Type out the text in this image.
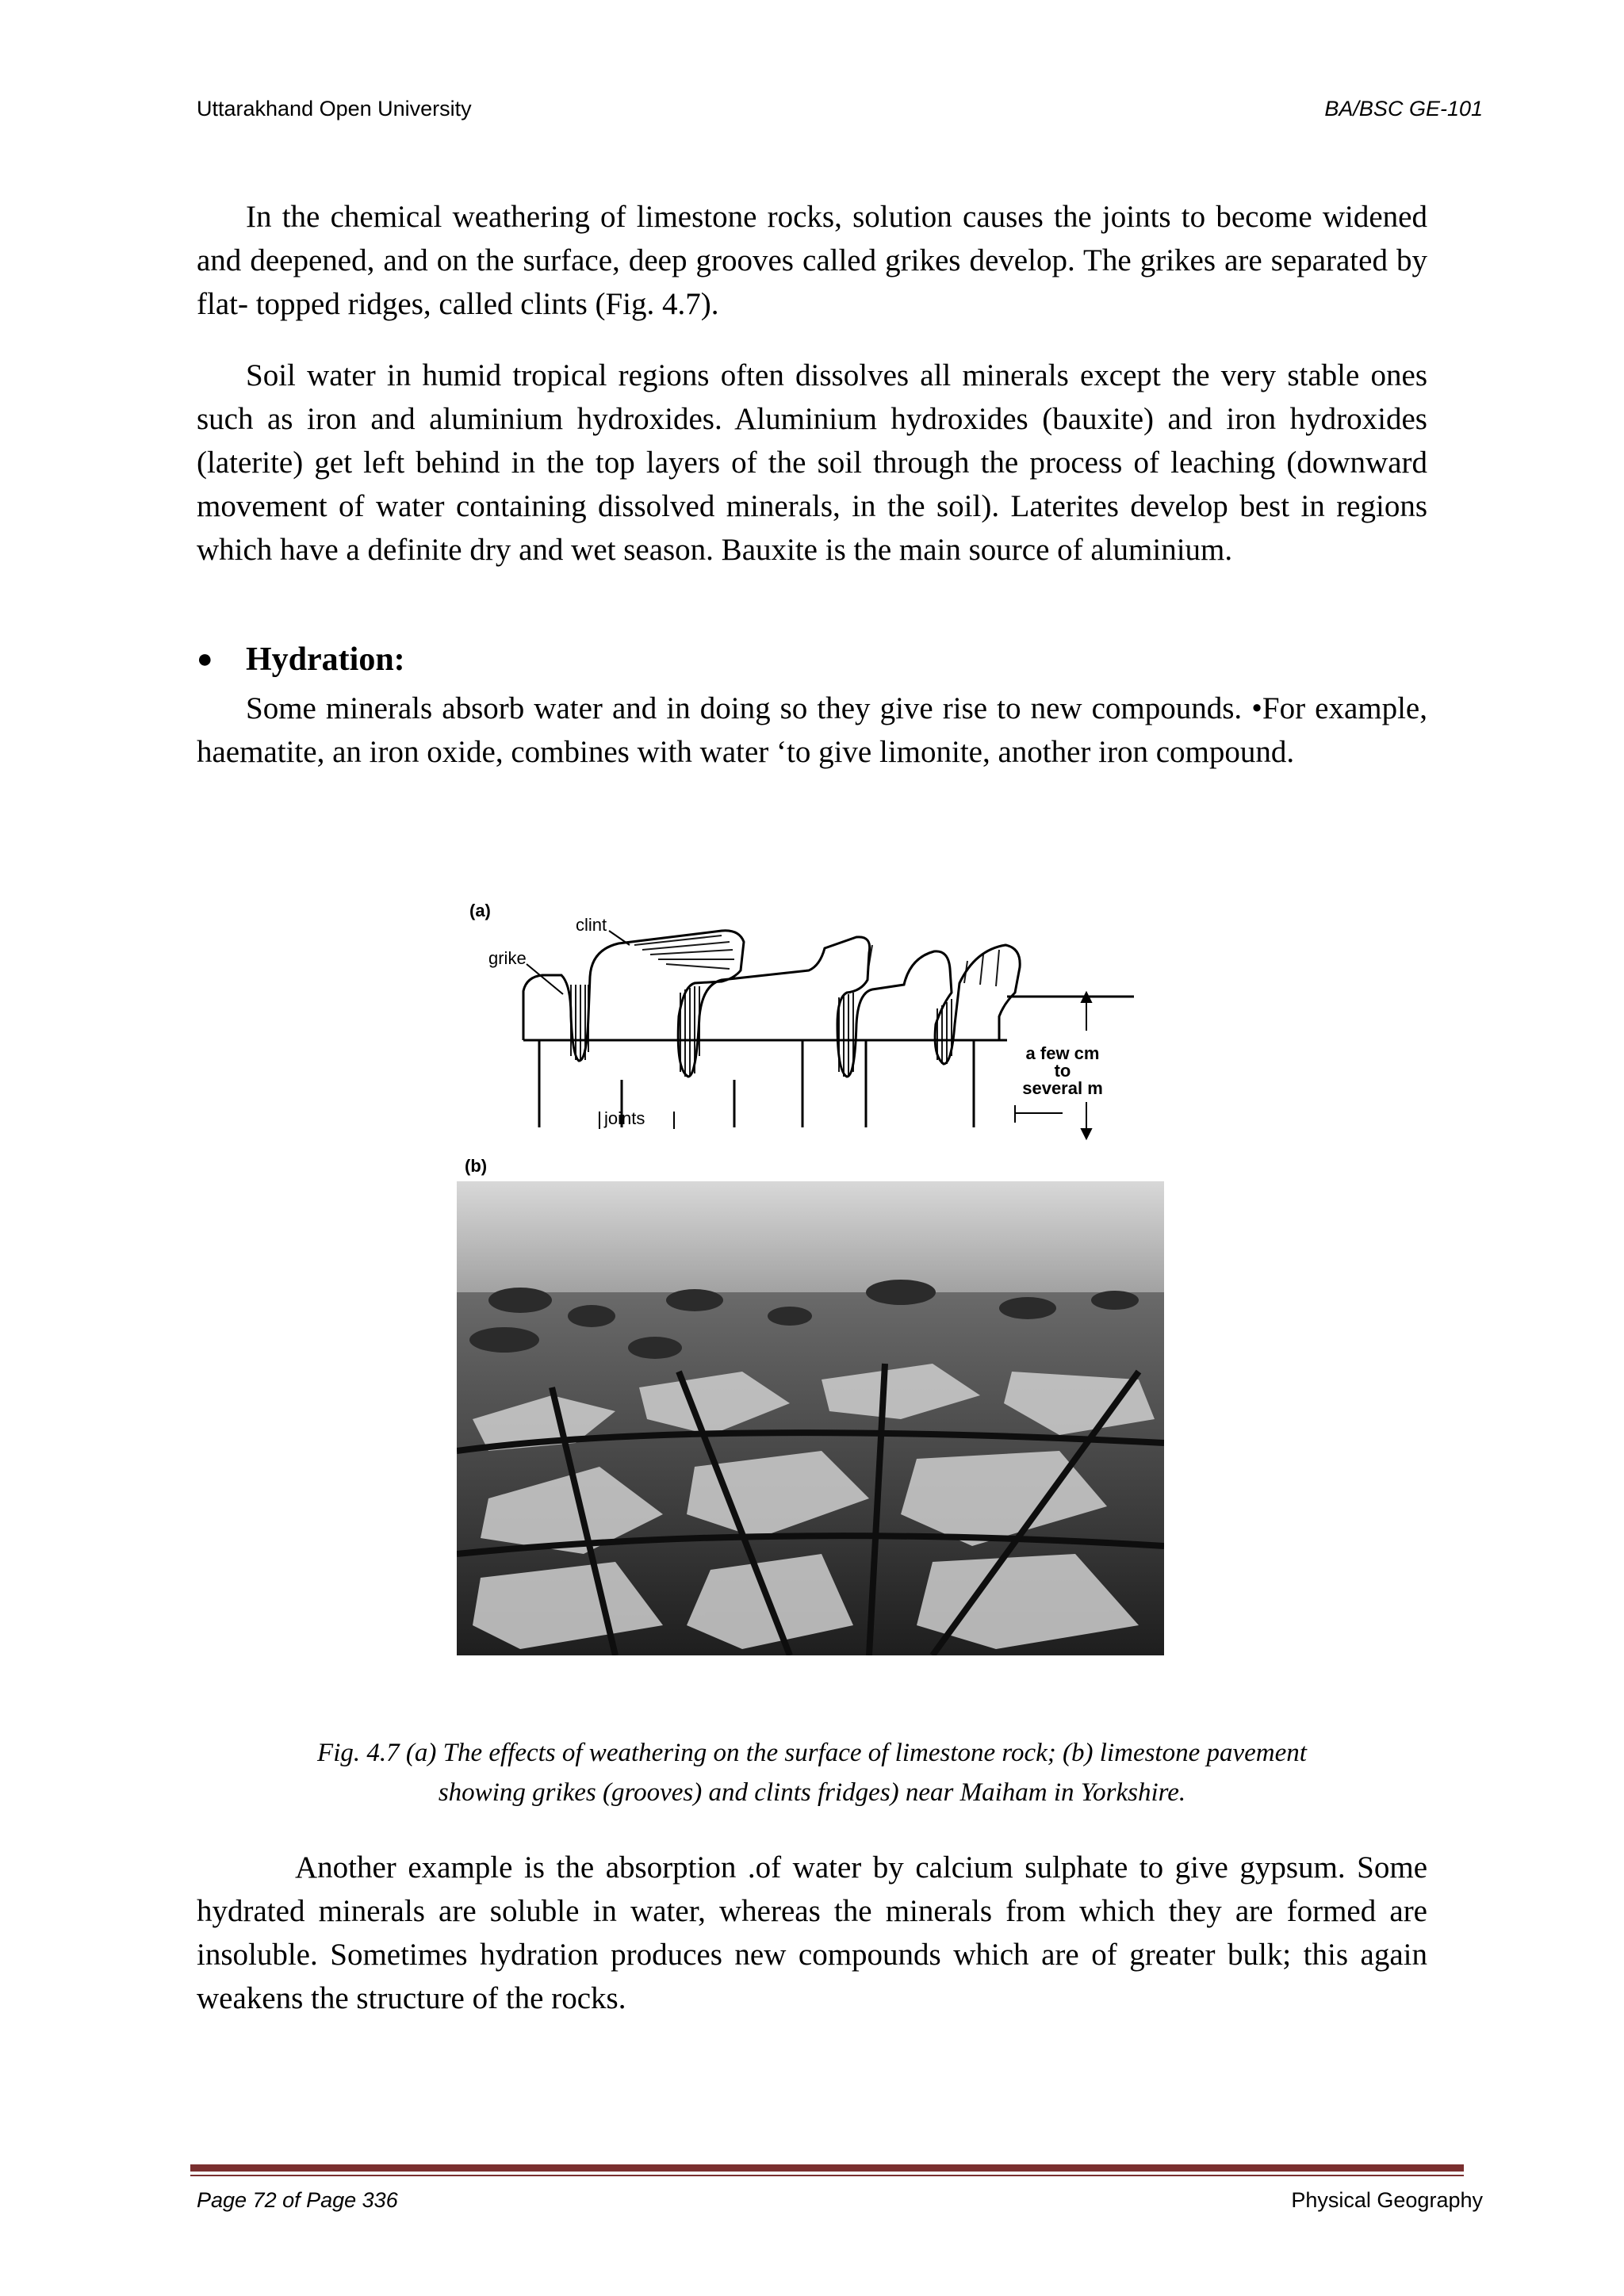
Uttarakhand Open University	BA/BSC GE-101

In the chemical weathering of limestone rocks, solution causes the joints to become widened and deepened, and on the surface, deep grooves called grikes develop. The grikes are separated by flat- topped ridges, called clints (Fig. 4.7).

Soil water in humid tropical regions often dissolves all minerals except the very stable ones such as iron and aluminium hydroxides. Aluminium hydroxides (bauxite) and iron hydroxides (laterite) get left behind in the top layers of the soil through the process of leaching (downward movement of water containing dissolved minerals, in the soil). Laterites develop best in regions which have a definite dry and wet season. Bauxite is the main source of aluminium.

● Hydration:

Some minerals absorb water and in doing so they give rise to new compounds. •For example, haematite, an iron oxide, combines with water ‘to give limonite, another iron compound.

(a)
clint
grike
joints
a few cm
to
several m
(b)
Fig. 4.7 (a) The effects of weathering on the surface of limestone rock; (b) limestone pavement
showing grikes (grooves) and clints fridges) near Maiham in Yorkshire.

Another example is the absorption .of water by calcium sulphate to give gypsum. Some hydrated minerals are soluble in water, whereas the minerals from which they are formed are insoluble. Sometimes hydration produces new compounds which are of greater bulk; this again weakens the structure of the rocks.

Page 72 of Page 336	Physical Geography
